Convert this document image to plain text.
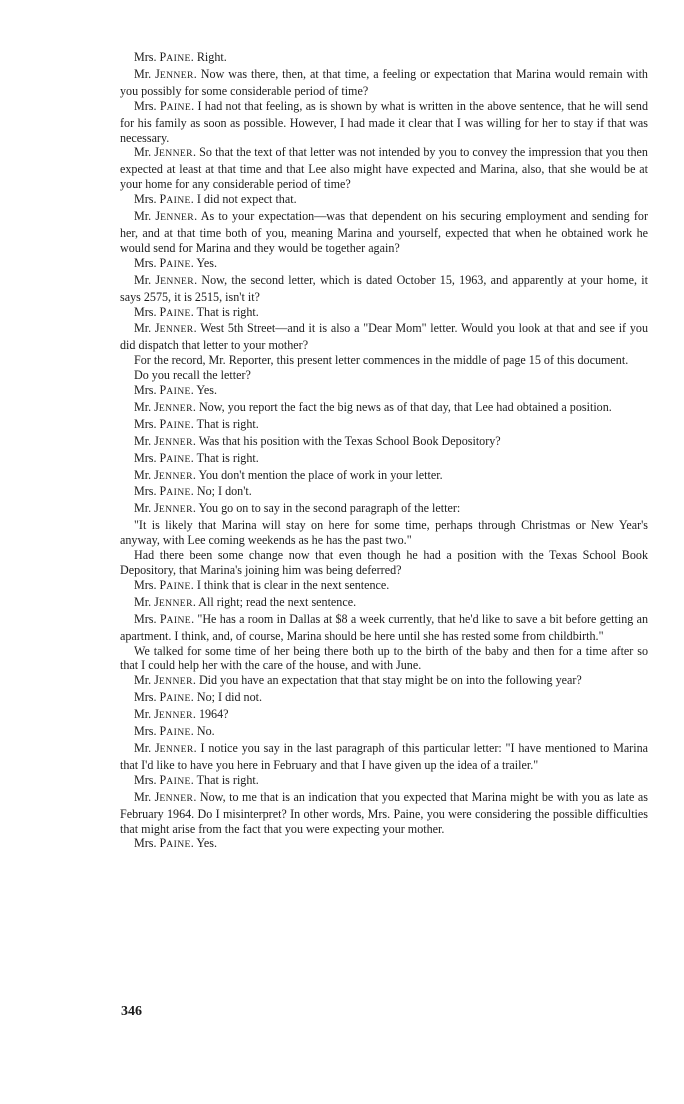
Mrs. PAINE. Right.

Mr. JENNER. Now was there, then, at that time, a feeling or expectation that Marina would remain with you possibly for some considerable period of time?

Mrs. PAINE. I had not that feeling, as is shown by what is written in the above sentence, that he will send for his family as soon as possible. However, I had made it clear that I was willing for her to stay if that was necessary.

Mr. JENNER. So that the text of that letter was not intended by you to convey the impression that you then expected at least at that time and that Lee also might have expected and Marina, also, that she would be at your home for any considerable period of time?

Mrs. PAINE. I did not expect that.

Mr. JENNER. As to your expectation—was that dependent on his securing employment and sending for her, and at that time both of you, meaning Marina and yourself, expected that when he obtained work he would send for Marina and they would be together again?

Mrs. PAINE. Yes.

Mr. JENNER. Now, the second letter, which is dated October 15, 1963, and apparently at your home, it says 2575, it is 2515, isn't it?

Mrs. PAINE. That is right.

Mr. JENNER. West 5th Street—and it is also a "Dear Mom" letter. Would you look at that and see if you did dispatch that letter to your mother?

For the record, Mr. Reporter, this present letter commences in the middle of page 15 of this document.

Do you recall the letter?

Mrs. PAINE. Yes.

Mr. JENNER. Now, you report the fact the big news as of that day, that Lee had obtained a position.

Mrs. PAINE. That is right.

Mr. JENNER. Was that his position with the Texas School Book Depository?

Mrs. PAINE. That is right.

Mr. JENNER. You don't mention the place of work in your letter.

Mrs. PAINE. No; I don't.

Mr. JENNER. You go on to say in the second paragraph of the letter:

"It is likely that Marina will stay on here for some time, perhaps through Christmas or New Year's anyway, with Lee coming weekends as he has the past two."

Had there been some change now that even though he had a position with the Texas School Book Depository, that Marina's joining him was being deferred?

Mrs. PAINE. I think that is clear in the next sentence.

Mr. JENNER. All right; read the next sentence.

Mrs. PAINE. "He has a room in Dallas at $8 a week currently, that he'd like to save a bit before getting an apartment. I think, and, of course, Marina should be here until she has rested some from childbirth."

We talked for some time of her being there both up to the birth of the baby and then for a time after so that I could help her with the care of the house, and with June.

Mr. JENNER. Did you have an expectation that that stay might be on into the following year?

Mrs. PAINE. No; I did not.

Mr. JENNER. 1964?

Mrs. PAINE. No.

Mr. JENNER. I notice you say in the last paragraph of this particular letter: "I have mentioned to Marina that I'd like to have you here in February and that I have given up the idea of a trailer."

Mrs. PAINE. That is right.

Mr. JENNER. Now, to me that is an indication that you expected that Marina might be with you as late as February 1964. Do I misinterpret? In other words, Mrs. Paine, you were considering the possible difficulties that might arise from the fact that you were expecting your mother.

Mrs. PAINE. Yes.

346
